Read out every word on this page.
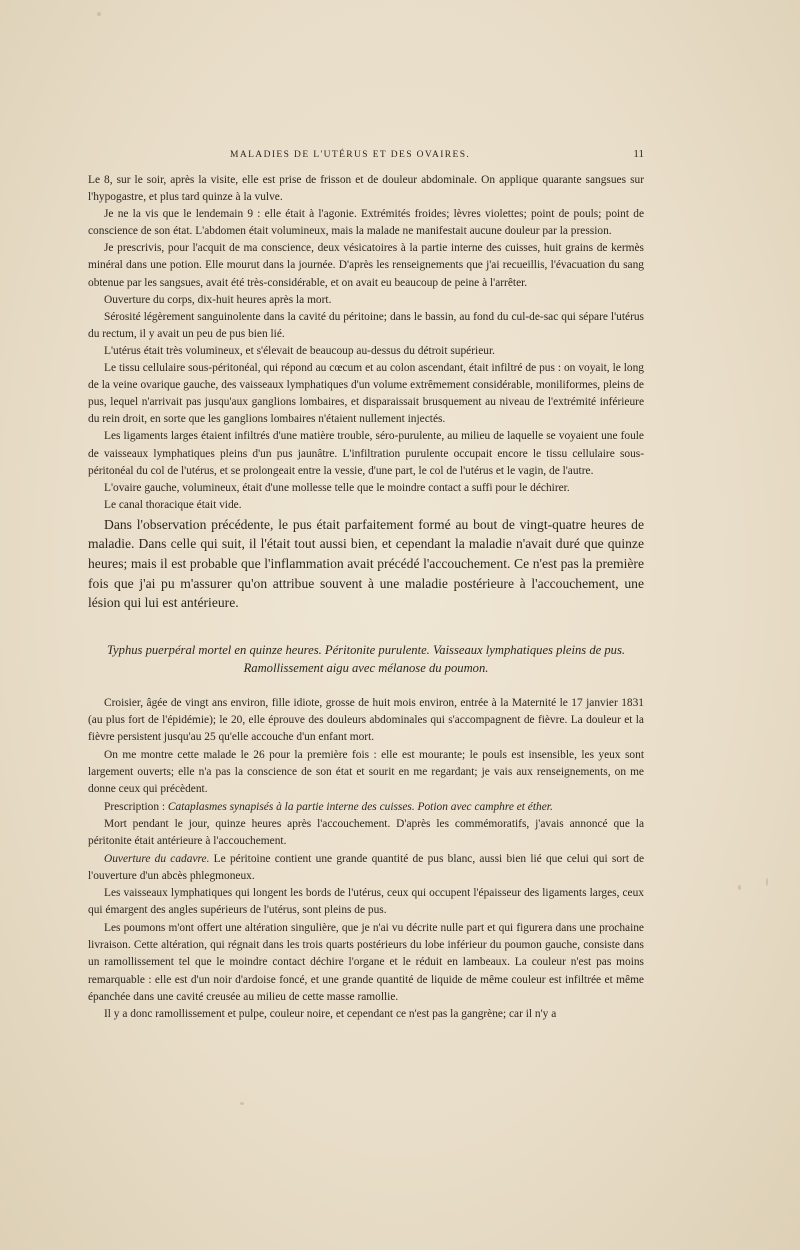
MALADIES DE L'UTÉRUS ET DES OVAIRES.	11

Le 8, sur le soir, après la visite, elle est prise de frisson et de douleur abdominale. On applique quarante sangsues sur l'hypogastre, et plus tard quinze à la vulve.

Je ne la vis que le lendemain 9 : elle était à l'agonie. Extrémités froides; lèvres violettes; point de pouls; point de conscience de son état. L'abdomen était volumineux, mais la malade ne manifestait aucune douleur par la pression.

Je prescrivis, pour l'acquit de ma conscience, deux vésicatoires à la partie interne des cuisses, huit grains de kermès minéral dans une potion. Elle mourut dans la journée. D'après les renseignements que j'ai recueillis, l'évacuation du sang obtenue par les sangsues, avait été très-considérable, et on avait eu beaucoup de peine à l'arrêter.

Ouverture du corps, dix-huit heures après la mort.

Sérosité légèrement sanguinolente dans la cavité du péritoine; dans le bassin, au fond du cul-de-sac qui sépare l'utérus du rectum, il y avait un peu de pus bien lié.

L'utérus était très volumineux, et s'élevait de beaucoup au-dessus du détroit supérieur.

Le tissu cellulaire sous-péritonéal, qui répond au cœcum et au colon ascendant, était infiltré de pus : on voyait, le long de la veine ovarique gauche, des vaisseaux lymphatiques d'un volume extrêmement considérable, moniliformes, pleins de pus, lequel n'arrivait pas jusqu'aux ganglions lombaires, et disparaissait brusquement au niveau de l'extrémité inférieure du rein droit, en sorte que les ganglions lombaires n'étaient nullement injectés.

Les ligaments larges étaient infiltrés d'une matière trouble, séro-purulente, au milieu de laquelle se voyaient une foule de vaisseaux lymphatiques pleins d'un pus jaunâtre. L'infiltration purulente occupait encore le tissu cellulaire sous-péritonéal du col de l'utérus, et se prolongeait entre la vessie, d'une part, le col de l'utérus et le vagin, de l'autre.

L'ovaire gauche, volumineux, était d'une mollesse telle que le moindre contact a suffi pour le déchirer.

Le canal thoracique était vide.

Dans l'observation précédente, le pus était parfaitement formé au bout de vingt-quatre heures de maladie. Dans celle qui suit, il l'était tout aussi bien, et cependant la maladie n'avait duré que quinze heures; mais il est probable que l'inflammation avait précédé l'accouchement. Ce n'est pas la première fois que j'ai pu m'assurer qu'on attribue souvent à une maladie postérieure à l'accouchement, une lésion qui lui est antérieure.

Typhus puerpéral mortel en quinze heures. Péritonite purulente. Vaisseaux lymphatiques pleins de pus. Ramollissement aigu avec mélanose du poumon.

Croisier, âgée de vingt ans environ, fille idiote, grosse de huit mois environ, entrée à la Maternité le 17 janvier 1831 (au plus fort de l'épidémie); le 20, elle éprouve des douleurs abdominales qui s'accompagnent de fièvre. La douleur et la fièvre persistent jusqu'au 25 qu'elle accouche d'un enfant mort.

On me montre cette malade le 26 pour la première fois : elle est mourante; le pouls est insensible, les yeux sont largement ouverts; elle n'a pas la conscience de son état et sourit en me regardant; je vais aux renseignements, on me donne ceux qui précèdent.

Prescription : Cataplasmes synapisés à la partie interne des cuisses. Potion avec camphre et éther.

Mort pendant le jour, quinze heures après l'accouchement. D'après les commémoratifs, j'avais annoncé que la péritonite était antérieure à l'accouchement.

Ouverture du cadavre. Le péritoine contient une grande quantité de pus blanc, aussi bien lié que celui qui sort de l'ouverture d'un abcès phlegmoneux.

Les vaisseaux lymphatiques qui longent les bords de l'utérus, ceux qui occupent l'épaisseur des ligaments larges, ceux qui émargent des angles supérieurs de l'utérus, sont pleins de pus.

Les poumons m'ont offert une altération singulière, que je n'ai vu décrite nulle part et qui figurera dans une prochaine livraison. Cette altération, qui régnait dans les trois quarts postérieurs du lobe inférieur du poumon gauche, consiste dans un ramollissement tel que le moindre contact déchire l'organe et le réduit en lambeaux. La couleur n'est pas moins remarquable : elle est d'un noir d'ardoise foncé, et une grande quantité de liquide de même couleur est infiltrée et même épanchée dans une cavité creusée au milieu de cette masse ramollie.

Il y a donc ramollissement et pulpe, couleur noire, et cependant ce n'est pas la gangrène; car il n'y a
